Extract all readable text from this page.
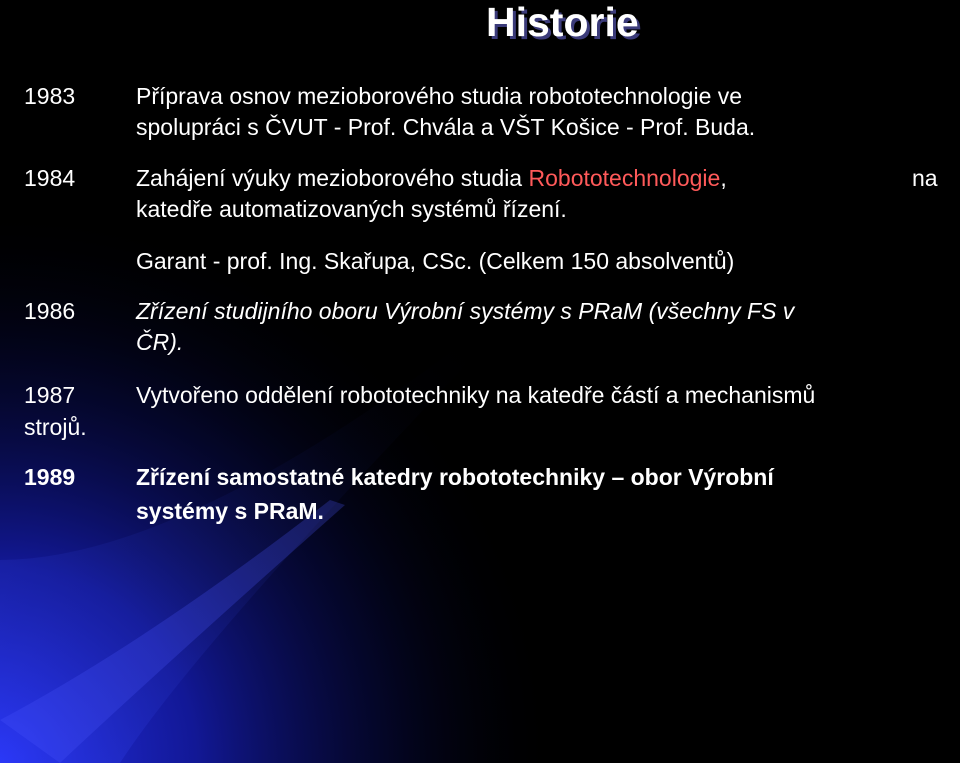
Historie
1983	Příprava osnov mezioborového studia robototechnologie ve
spolupráci s ČVUT - Prof. Chvála a VŠT Košice - Prof. Buda.
1984	Zahájení výuky mezioborového studia Robototechnologie,	na
katedře automatizovaných systémů řízení.
Garant - prof. Ing. Skařupa, CSc. (Celkem 150 absolventů)
1986	Zřízení studijního oboru Výrobní systémy s PRaM (všechny FS v
ČR).
1987	Vytvořeno oddělení robototechniky na katedře částí a mechanismů
strojů.
1989	Zřízení samostatné katedry robototechniky – obor Výrobní
systémy s PRaM.
